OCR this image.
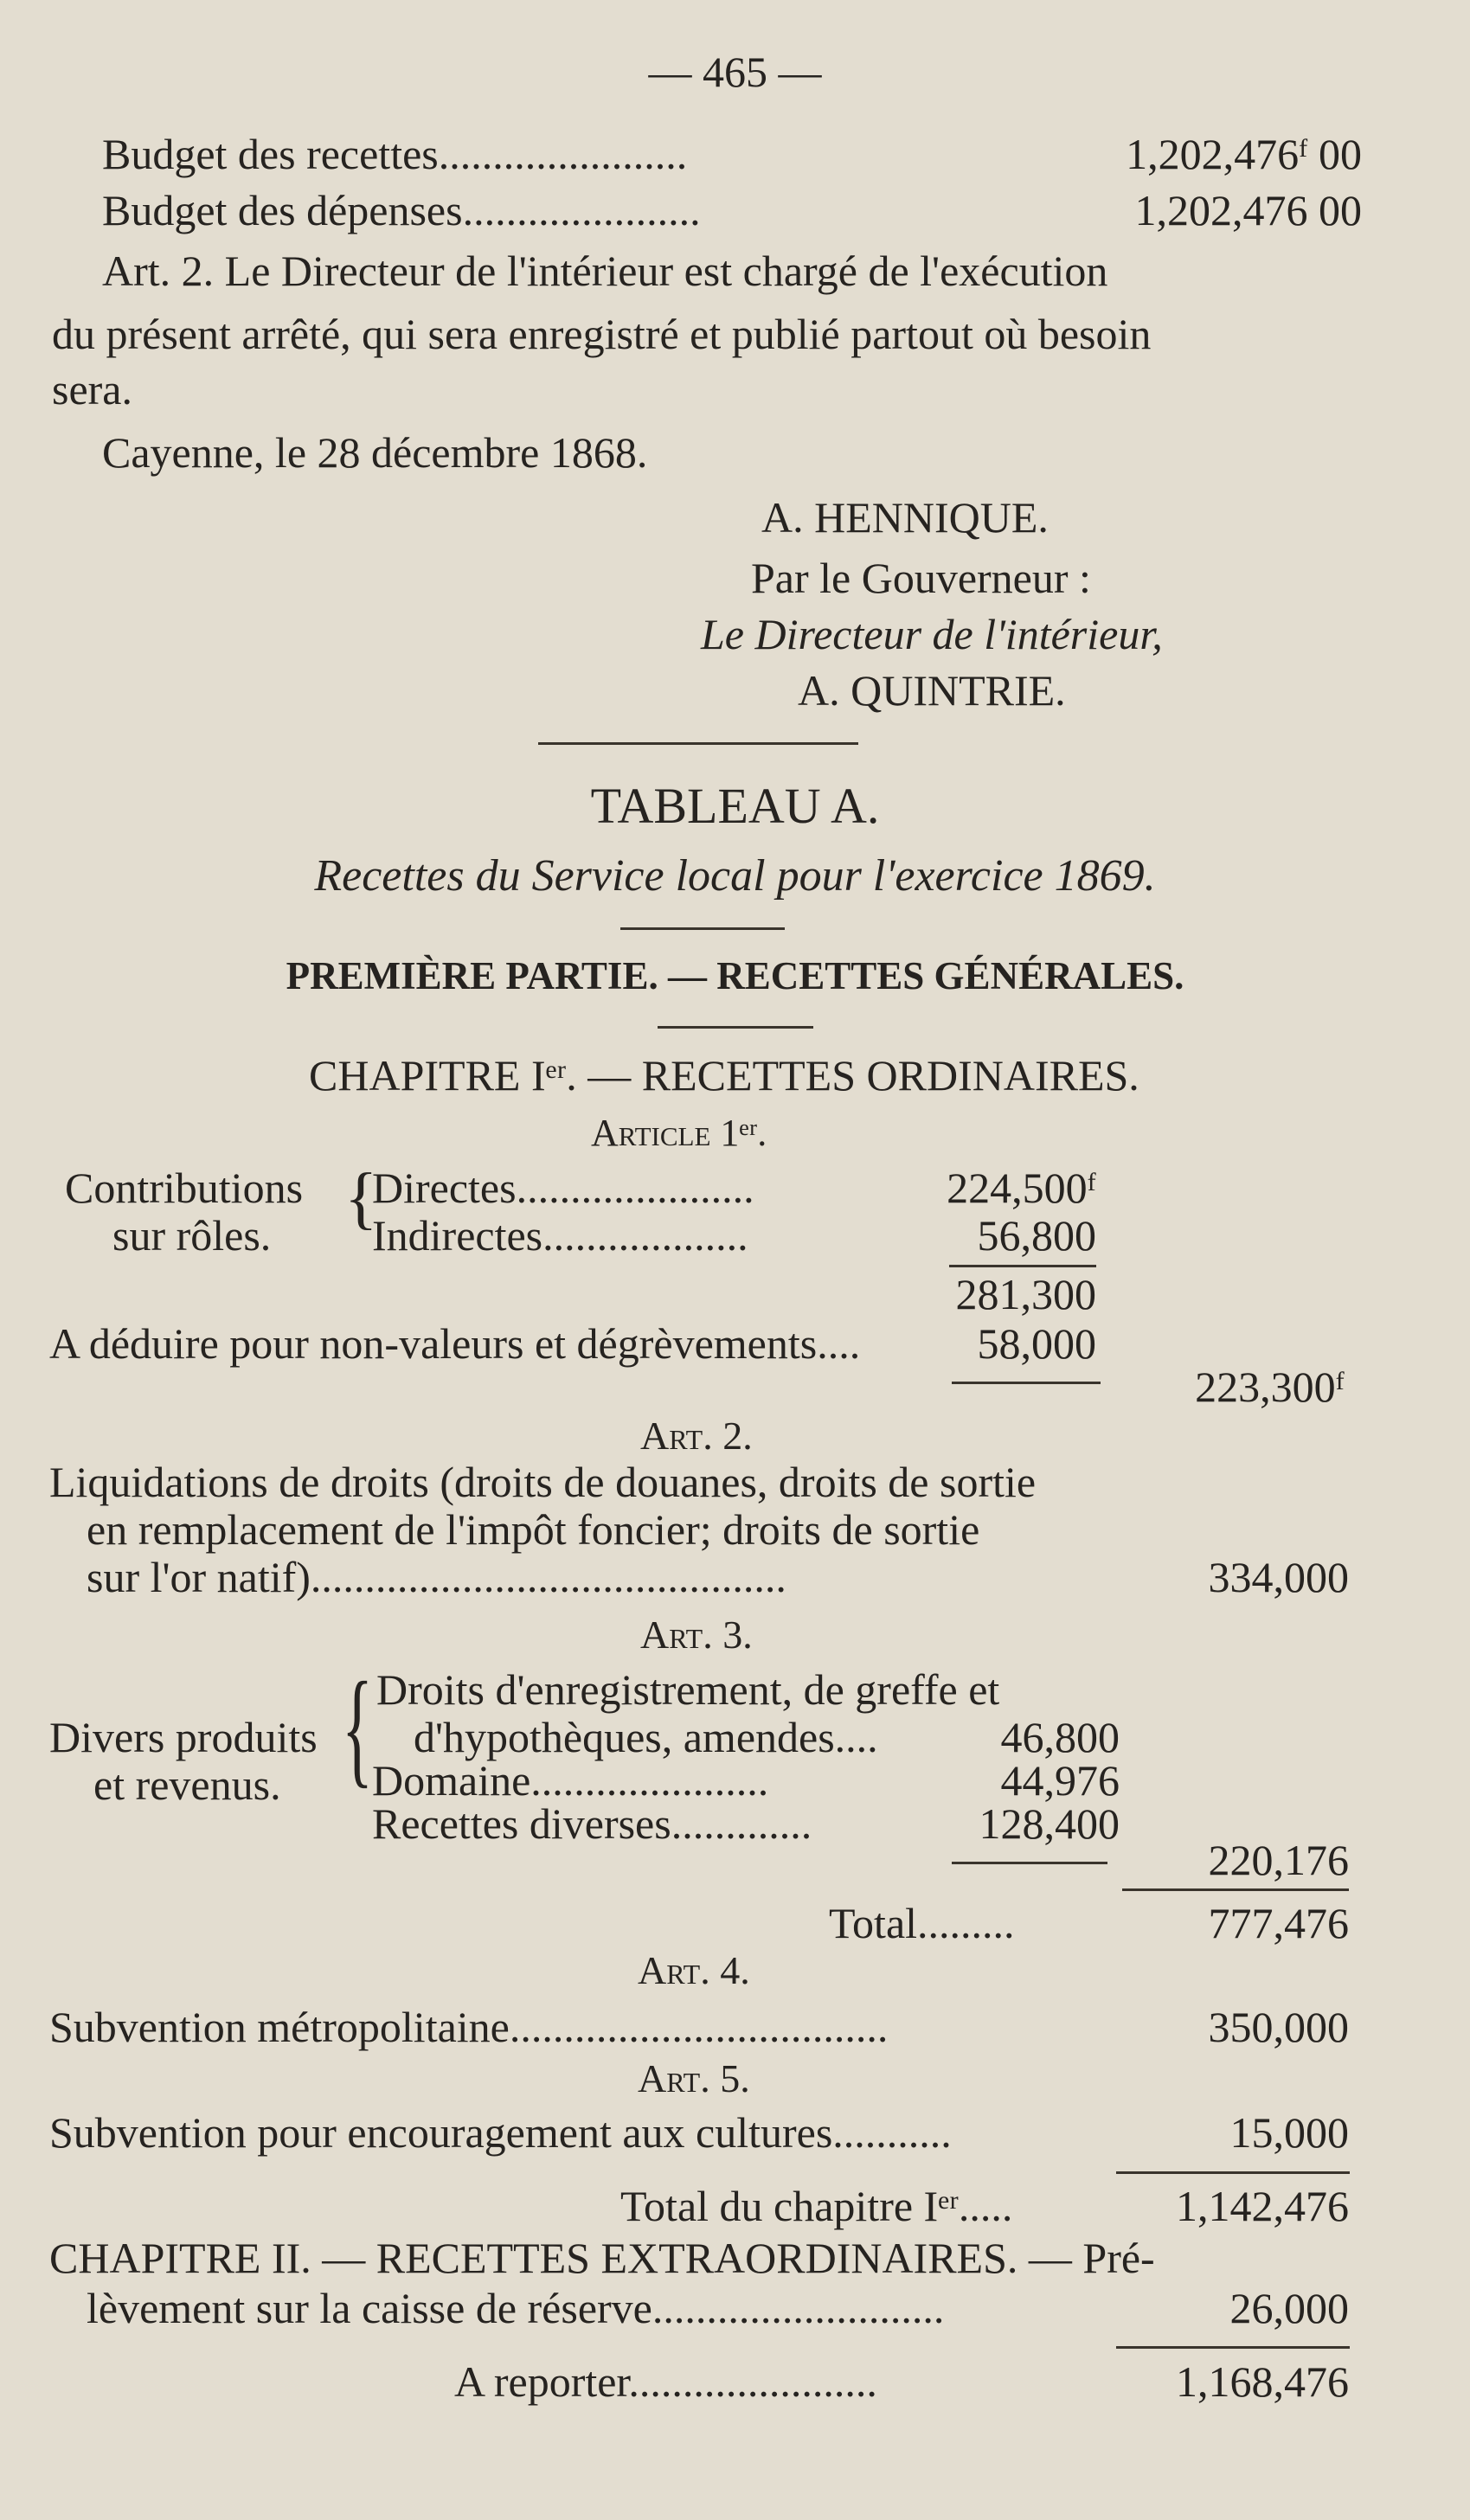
— 465 —
Budget des recettes.......................	1,202,476ᶠ 00
Budget des dépenses......................	1,202,476 00
Art. 2. Le Directeur de l'intérieur est chargé de l'exécution
du présent arrêté, qui sera enregistré et publié partout où besoin
sera.
Cayenne, le 28 décembre 1868.
A. HENNIQUE.
Par le Gouverneur :
Le Directeur de l'intérieur,
A. QUINTRIE.
TABLEAU A.
Recettes du Service local pour l'exercice 1869.
PREMIÈRE PARTIE. — RECETTES GÉNÉRALES.
CHAPITRE Iᵉʳ. — RECETTES ORDINAIRES.
Article 1ᵉʳ.
Contributions
sur rôles. {
Directes......................	224,500ᶠ
Indirectes...................	56,800
281,300
A déduire pour non-valeurs et dégrèvements....	58,000
223,300ᶠ
Art. 2.
Liquidations de droits (droits de douanes, droits de sortie
en remplacement de l'impôt foncier; droits de sortie
sur l'or natif)............................................	334,000
Art. 3.
Divers produits
et revenus. { Droits d'enregistrement, de greffe et
d'hypothèques, amendes....	46,800
Domaine......................	44,976
Recettes diverses.............	128,400
220,176
Total.........	777,476
Art. 4.
Subvention métropolitaine...................................	350,000
Art. 5.
Subvention pour encouragement aux cultures...........	15,000
Total du chapitre Iᵉʳ.....	1,142,476
CHAPITRE II. — RECETTES EXTRAORDINAIRES. — Pré-
lèvement sur la caisse de réserve...........................	26,000
A reporter.......................	1,168,476
